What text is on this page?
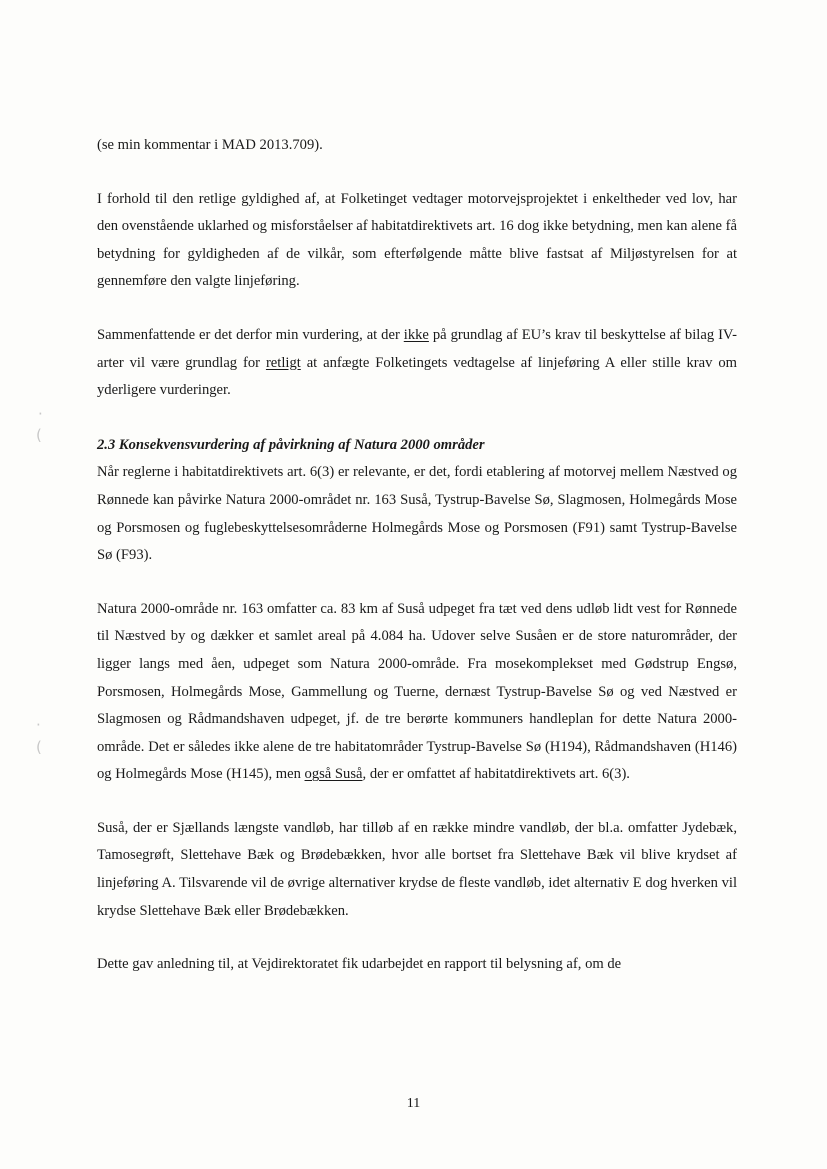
·
(
·
(

(se min kommentar i MAD 2013.709).

I forhold til den retlige gyldighed af, at Folketinget vedtager motorvejsprojektet i enkeltheder ved lov, har den ovenstående uklarhed og misforståelser af habitatdirektivets art. 16 dog ikke betydning, men kan alene få betydning for gyldigheden af de vilkår, som efterfølgende måtte blive fastsat af Miljøstyrelsen for at gennemføre den valgte linjeføring.

Sammenfattende er det derfor min vurdering, at der ikke på grundlag af EU’s krav til beskyttelse af bilag IV-arter vil være grundlag for retligt at anfægte Folketingets vedtagelse af linjeføring A eller stille krav om yderligere vurderinger.

2.3 Konsekvensvurdering af påvirkning af Natura 2000 områder

Når reglerne i habitatdirektivets art. 6(3) er relevante, er det, fordi etablering af motorvej mellem Næstved og Rønnede kan påvirke Natura 2000-området nr. 163 Suså, Tystrup-Bavelse Sø, Slagmosen, Holmegårds Mose og Porsmosen og fuglebeskyttelsesområderne Holmegårds Mose og Porsmosen (F91) samt Tystrup-Bavelse Sø (F93).

Natura 2000-område nr. 163 omfatter ca. 83 km af Suså udpeget fra tæt ved dens udløb lidt vest for Rønnede til Næstved by og dækker et samlet areal på 4.084 ha. Udover selve Susåen er de store naturområder, der ligger langs med åen, udpeget som Natura 2000-område. Fra mosekomplekset med Gødstrup Engsø, Porsmosen, Holmegårds Mose, Gammellung og Tuerne, dernæst Tystrup-Bavelse Sø og ved Næstved er Slagmosen og Rådmandshaven udpeget, jf. de tre berørte kommuners handleplan for dette Natura 2000-område. Det er således ikke alene de tre habitatområder Tystrup-Bavelse Sø (H194), Rådmandshaven (H146) og Holmegårds Mose (H145), men også Suså, der er omfattet af habitatdirektivets art. 6(3).

Suså, der er Sjællands længste vandløb, har tilløb af en række mindre vandløb, der bl.a. omfatter Jydebæk, Tamosegrøft, Slettehave Bæk og Brødebækken, hvor alle bortset fra Slettehave Bæk vil blive krydset af linjeføring A. Tilsvarende vil de øvrige alternativer krydse de fleste vandløb, idet alternativ E dog hverken vil krydse Slettehave Bæk eller Brødebækken.

Dette gav anledning til, at Vejdirektoratet fik udarbejdet en rapport til belysning af, om de

11
